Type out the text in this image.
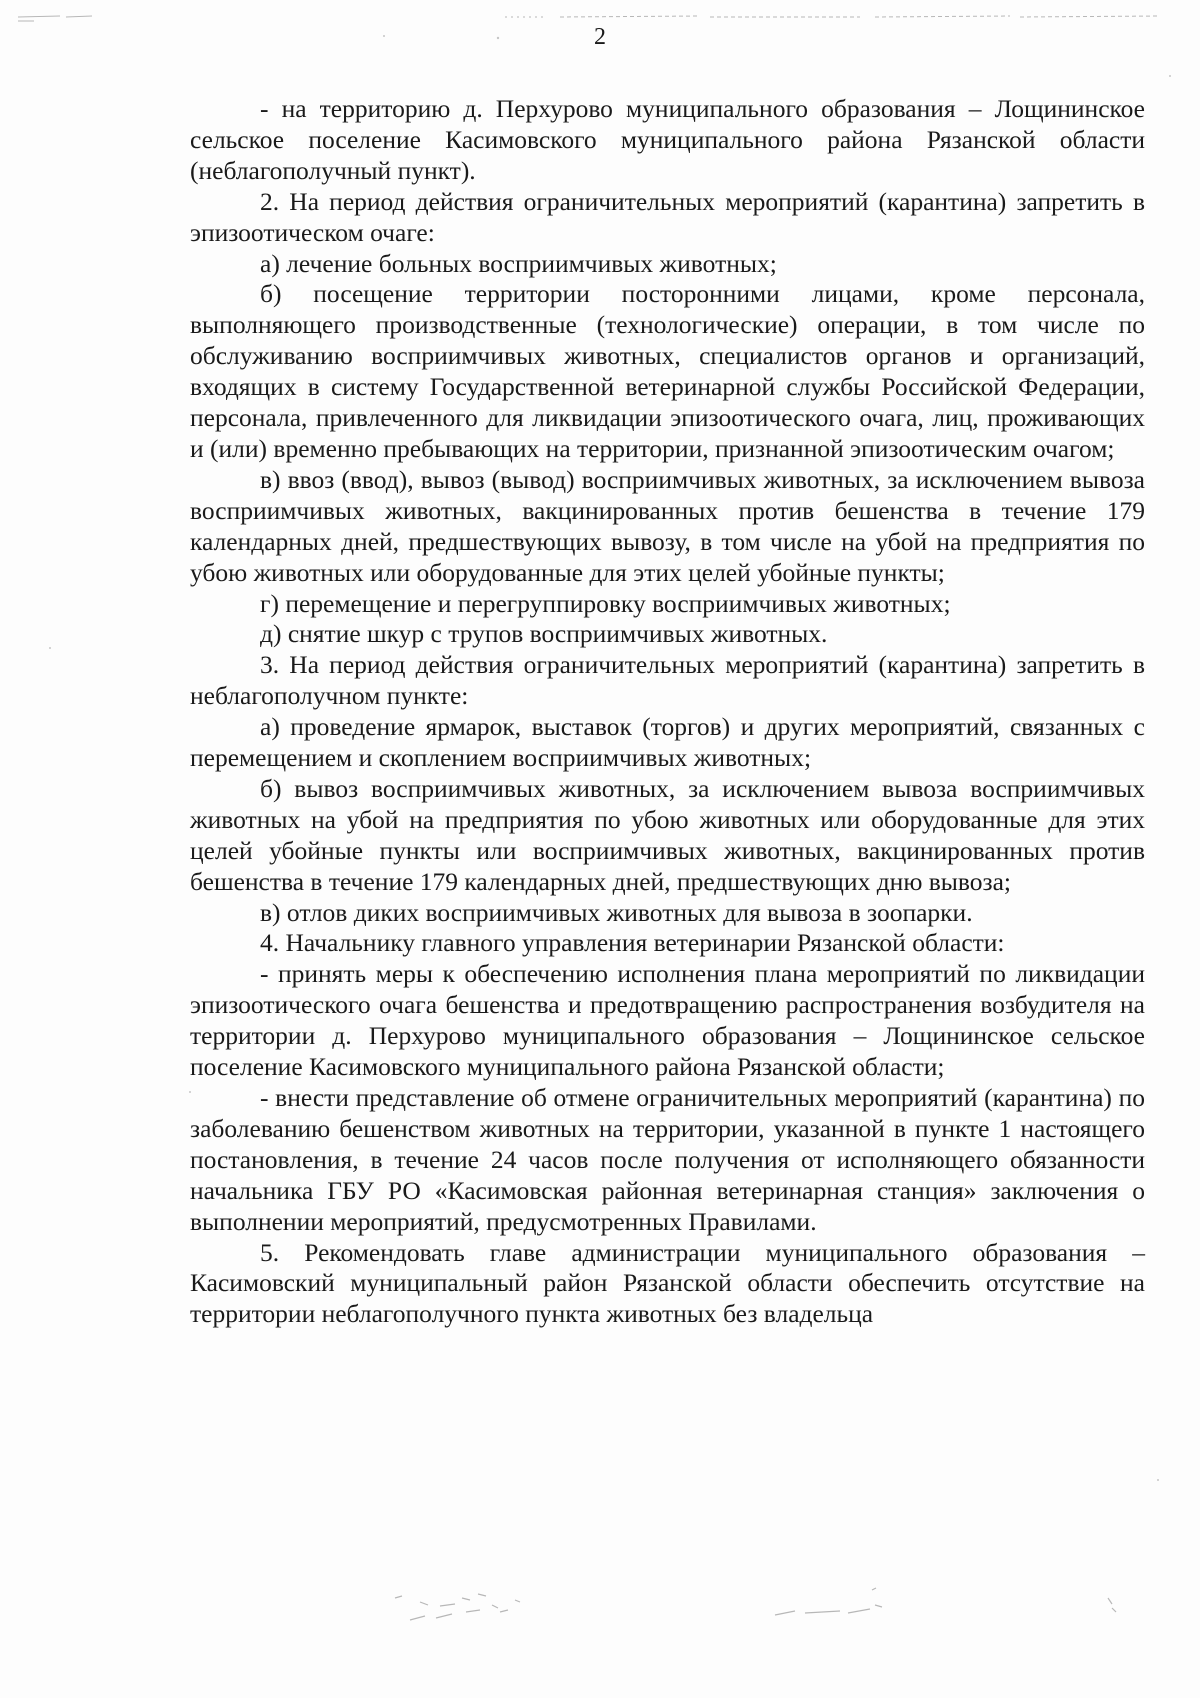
2

- на территорию д. Перхурово муниципального образования – Лощининское сельское поселение Касимовского муниципального района Рязанской области (неблагополучный пункт).

2. На период действия ограничительных мероприятий (карантина) запретить в эпизоотическом очаге:

а) лечение больных восприимчивых животных;

б) посещение территории посторонними лицами, кроме персонала, выполняющего производственные (технологические) операции, в том числе по обслуживанию восприимчивых животных, специалистов органов и организаций, входящих в систему Государственной ветеринарной службы Российской Федерации, персонала, привлеченного для ликвидации эпизоотического очага, лиц, проживающих и (или) временно пребывающих на территории, признанной эпизоотическим очагом;

в) ввоз (ввод), вывоз (вывод) восприимчивых животных, за исключением вывоза восприимчивых животных, вакцинированных против бешенства в течение 179 календарных дней, предшествующих вывозу, в том числе на убой на предприятия по убою животных или оборудованные для этих целей убойные пункты;

г) перемещение и перегруппировку восприимчивых животных;

д) снятие шкур с трупов восприимчивых животных.

3. На период действия ограничительных мероприятий (карантина) запретить в неблагополучном пункте:

а) проведение ярмарок, выставок (торгов) и других мероприятий, связанных с перемещением и скоплением восприимчивых животных;

б) вывоз восприимчивых животных, за исключением вывоза восприимчивых животных на убой на предприятия по убою животных или оборудованные для этих целей убойные пункты или восприимчивых животных, вакцинированных против бешенства в течение 179 календарных дней, предшествующих дню вывоза;

в) отлов диких восприимчивых животных для вывоза в зоопарки.

4. Начальнику главного управления ветеринарии Рязанской области:

- принять меры к обеспечению исполнения плана мероприятий по ликвидации эпизоотического очага бешенства и предотвращению распространения возбудителя на территории д. Перхурово муниципального образования – Лощининское сельское поселение Касимовского муниципального района Рязанской области;

- внести представление об отмене ограничительных мероприятий (карантина) по заболеванию бешенством животных на территории, указанной в пункте 1 настоящего постановления, в течение 24 часов после получения от исполняющего обязанности начальника ГБУ РО «Касимовская районная ветеринарная станция» заключения о выполнении мероприятий, предусмотренных Правилами.

5. Рекомендовать главе администрации муниципального образования – Касимовский муниципальный район Рязанской области обеспечить отсутствие на территории неблагополучного пункта животных без владельца
